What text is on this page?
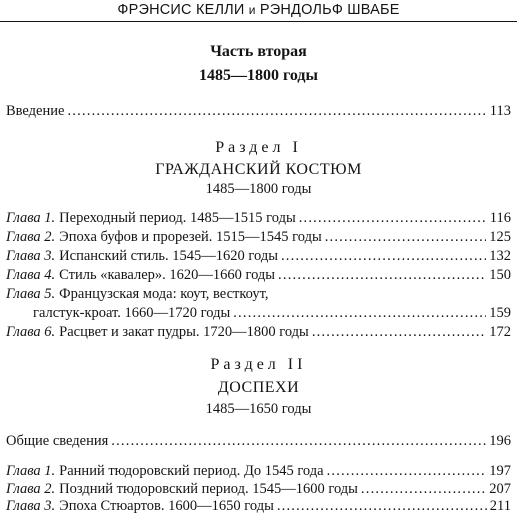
ФРЭНСИС КЕЛЛИ и РЭНДОЛЬФ ШВАБЕ
Часть вторая
1485—1800 годы
Введение .....	113
Раздел I
ГРАЖДАНСКИЙ КОСТЮМ
1485—1800 годы
Глава 1. Переходный период. 1485—1515 годы .....	116
Глава 2. Эпоха буфов и прорезей. 1515—1545 годы .....	125
Глава 3. Испанский стиль. 1545—1620 годы .....	132
Глава 4. Стиль «кавалер». 1620—1660 годы .....	150
Глава 5. Французская мода: коут, весткоут,
галстук-кроат. 1660—1720 годы .....	159
Глава 6. Расцвет и закат пудры. 1720—1800 годы .....	172
Раздел II
ДОСПЕХИ
1485—1650 годы
Общие сведения .....	196
Глава 1. Ранний тюдоровский период. До 1545 года .....	197
Глава 2. Поздний тюдоровский период. 1545—1600 годы .....	207
Глава 3. Эпоха Стюартов. 1600—1650 годы .....	211
